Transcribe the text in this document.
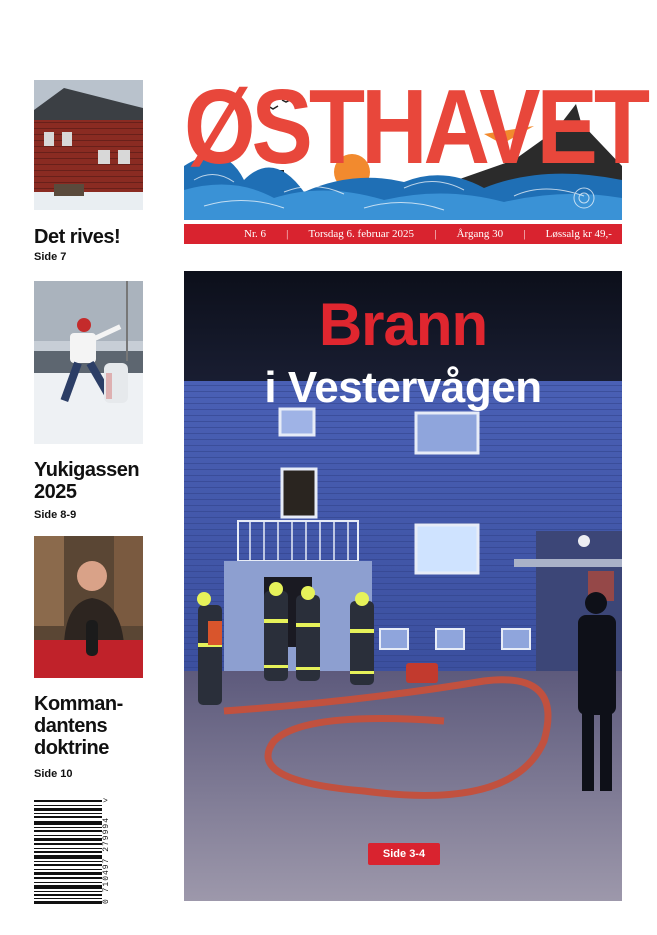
Det rives!

Side 7

Yukigassen 2025

Side 8-9

Komman-dantens doktrine

Side 10
>
0 710497 279994
ØSTHAVET
Nr. 6 | Torsdag 6. februar 2025 | Årgang 30 | Løssalg kr 49,-
Brann
i Vestervågen
Side 3-4
